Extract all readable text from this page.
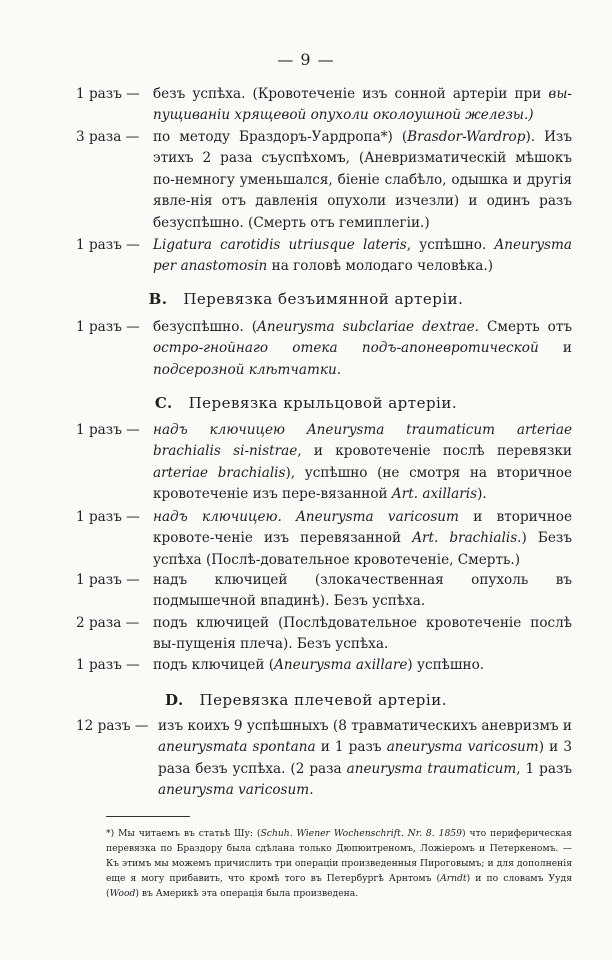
— 9 —
1 разъ — безъ успѣха. (Кровотеченіе изъ сонной артеріи при вы-пущиваніи хрящевой опухоли околоушной железы.)
3 раза —	по методу Браздоръ-Уардропа*) (Brasdor-Wardrop). Изъ этихъ 2 раза съуспѣхомъ, (Аневризматическій мѣшокъ по-немногу уменьшался, біеніе слабѣло, одышка и другія явле-нія отъ давленія опухоли изчезли) и одинъ разъ безуспѣшно. (Смерть отъ гемиплегіи.)
1 разъ — Ligatura carotidis utriusque lateris, успѣшно. Aneurysma per anastomosin на головѣ молодаго человѣка.)
B. Перевязка безъимянной артеріи.
1 разъ — безуспѣшно. (Aneurysma subclariae dextrae. Смерть отъ остро-гнойнаго отека подъ-апоневротической и подсерозной клѣтчатки.
C. Перевязка крыльцовой артеріи.
1 разъ — надъ ключицею Aneurysma traumaticum arteriae brachialis si-nistrae, и кровотеченіе послѣ перевязки arteriae brachialis), успѣшно (не смотря на вторичное кровотеченіе изъ пере-вязанной Art. axillaris).
1 разъ — надъ ключицею. Aneurysma varicosum и вторичное кровоте-ченіе изъ перевязанной Art. brachialis.) Безъ успѣха (Послѣ-довательное кровотеченіе, Смерть.)
1 разъ — надъ ключицей (злокачественная опухоль въ подмышечной впадинѣ). Безъ успѣха.
2 раза —	подъ ключицей (Послѣдовательное кровотеченіе послѣ вы-пущенія плеча). Безъ успѣха.
1 разъ — подъ ключицей (Aneurysma axillare) успѣшно.
D. Перевязка плечевой артеріи.
12 разъ — изъ коихъ 9 успѣшныхъ (8 травматическихъ аневризмъ и aneurysmata spontana и 1 разъ aneurysma varicosum) и 3 раза безъ успѣха. (2 раза aneurysma traumaticum, 1 разъ aneurysma varicosum.
*) Мы читаемъ въ статьѣ Шу: (Schuh. Wiener Wochenschrift. Nr. 8. 1859) что периферическая перевязка по Браздору была сдѣлана только Дюпюитреномъ, Ложіеромъ и Петеркеномъ. — Къ этимъ мы можемъ причислить три операціи произведенныя Пироговымъ; и для дополненія еще я могу прибавить, что кромѣ того въ Петербургѣ Арнтомъ (Arndt) и по словамъ Уудя (Wood) въ Америкѣ эта операція была произведена.
